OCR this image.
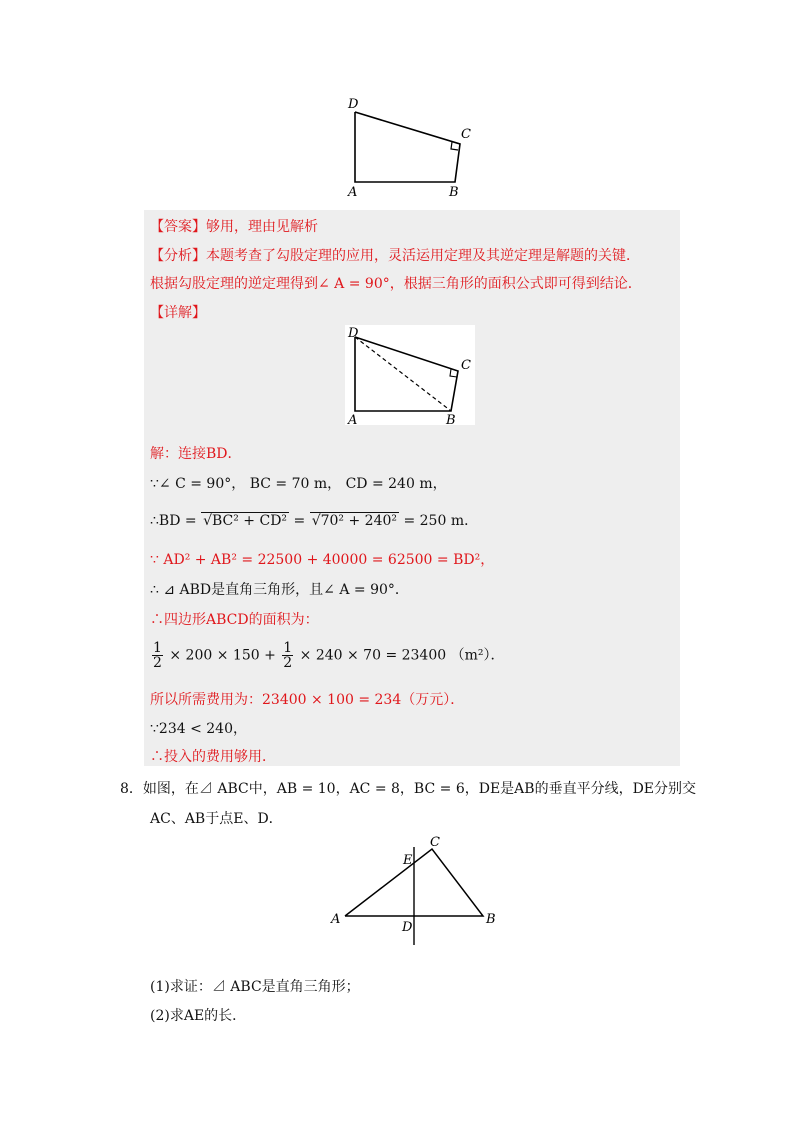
D
C
A	B
【答案】够用，理由见解析
【分析】本题考查了勾股定理的应用，灵活运用定理及其逆定理是解题的关键．
根据勾股定理的逆定理得到∠ A = 90°，根据三角形的面积公式即可得到结论．
【详解】
D
C
A	B
解：连接BD．
∵∠ C = 90°， BC = 70 m， CD = 240 m，
∴BD = √BC² + CD² = √70² + 240² = 250 m．
∵ AD² + AB² = 22500 + 40000 = 62500 = BD²，
∴ ⊿ ABD是直角三角形，且∠ A = 90°．
∴四边形ABCD的面积为：
$\frac{1}{2} \times 200 \times 150 + \frac{1}{2} \times 240 \times 70 = 23400$ （m²）．
所以所需费用为：23400 × 100 = 234（万元）．
∵234 < 240，
∴投入的费用够用．
8．如图，在⊿ ABC中，AB = 10，AC = 8，BC = 6，DE是AB的垂直平分线，DE分别交
AC、AB于点E、D．
E
C
A	B
D
(1)求证：⊿ ABC是直角三角形；
(2)求AE的长．
